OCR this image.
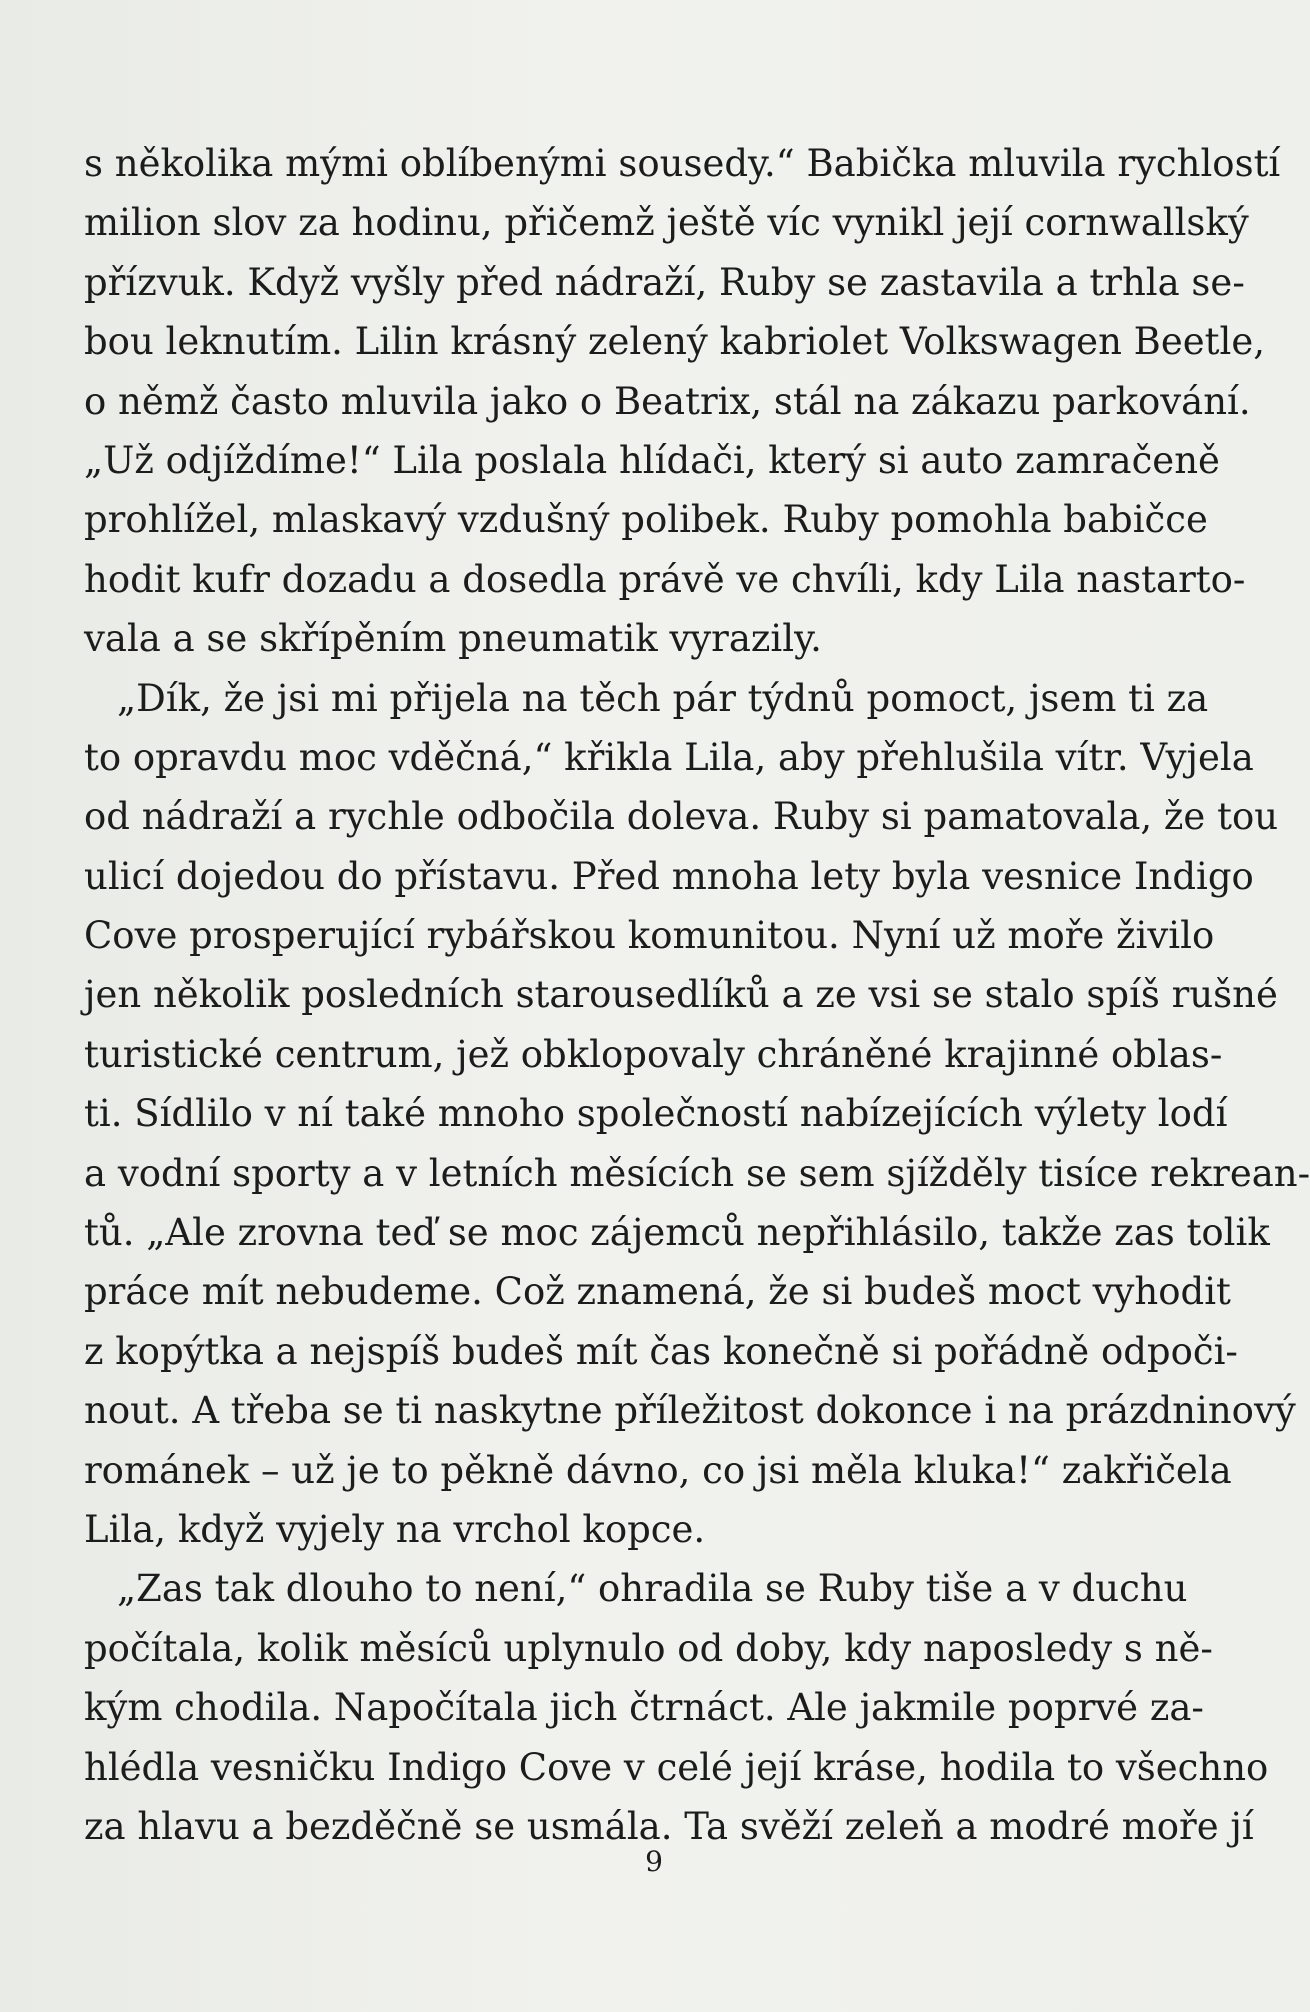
s několika mými oblíbenými sousedy.“ Babička mluvila rychlostí
milion slov za hodinu, přičemž ještě víc vynikl její cornwallský
přízvuk. Když vyšly před nádraží, Ruby se zastavila a trhla se-
bou leknutím. Lilin krásný zelený kabriolet Volkswagen Beetle,
o němž často mluvila jako o Beatrix, stál na zákazu parkování.
„Už odjíždíme!“ Lila poslala hlídači, který si auto zamračeně
prohlížel, mlaskavý vzdušný polibek. Ruby pomohla babičce
hodit kufr dozadu a dosedla právě ve chvíli, kdy Lila nastarto-
vala a se skřípěním pneumatik vyrazily.
„Dík, že jsi mi přijela na těch pár týdnů pomoct, jsem ti za
to opravdu moc vděčná,“ křikla Lila, aby přehlušila vítr. Vyjela
od nádraží a rychle odbočila doleva. Ruby si pamatovala, že tou
ulicí dojedou do přístavu. Před mnoha lety byla vesnice Indigo
Cove prosperující rybářskou komunitou. Nyní už moře živilo
jen několik posledních starousedlíků a ze vsi se stalo spíš rušné
turistické centrum, jež obklopovaly chráněné krajinné oblas-
ti. Sídlilo v ní také mnoho společností nabízejících výlety lodí
a vodní sporty a v letních měsících se sem sjížděly tisíce rekrean-
tů. „Ale zrovna teď se moc zájemců nepřihlásilo, takže zas tolik
práce mít nebudeme. Což znamená, že si budeš moct vyhodit
z kopýtka a nejspíš budeš mít čas konečně si pořádně odpoči-
nout. A třeba se ti naskytne příležitost dokonce i na prázdninový
románek – už je to pěkně dávno, co jsi měla kluka!“ zakřičela
Lila, když vyjely na vrchol kopce.
„Zas tak dlouho to není,“ ohradila se Ruby tiše a v duchu
počítala, kolik měsíců uplynulo od doby, kdy naposledy s ně-
kým chodila. Napočítala jich čtrnáct. Ale jakmile poprvé za-
hlédla vesničku Indigo Cove v celé její kráse, hodila to všechno
za hlavu a bezděčně se usmála. Ta svěží zeleň a modré moře jí
9
